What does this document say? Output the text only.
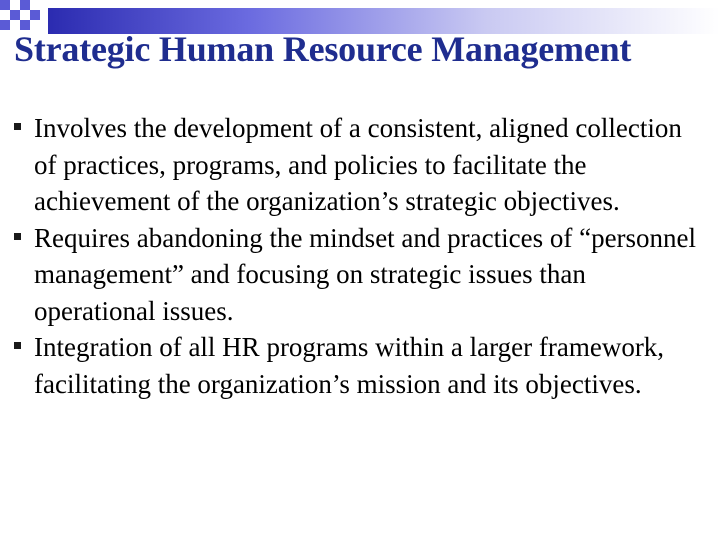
Strategic Human Resource Management
Involves the development of a consistent, aligned collection of practices, programs, and policies to facilitate the achievement of the organization’s strategic objectives.
Requires abandoning the mindset and practices of “personnel management” and focusing on strategic issues than operational issues.
Integration of all HR programs within a larger framework, facilitating the organization’s mission and its objectives.
